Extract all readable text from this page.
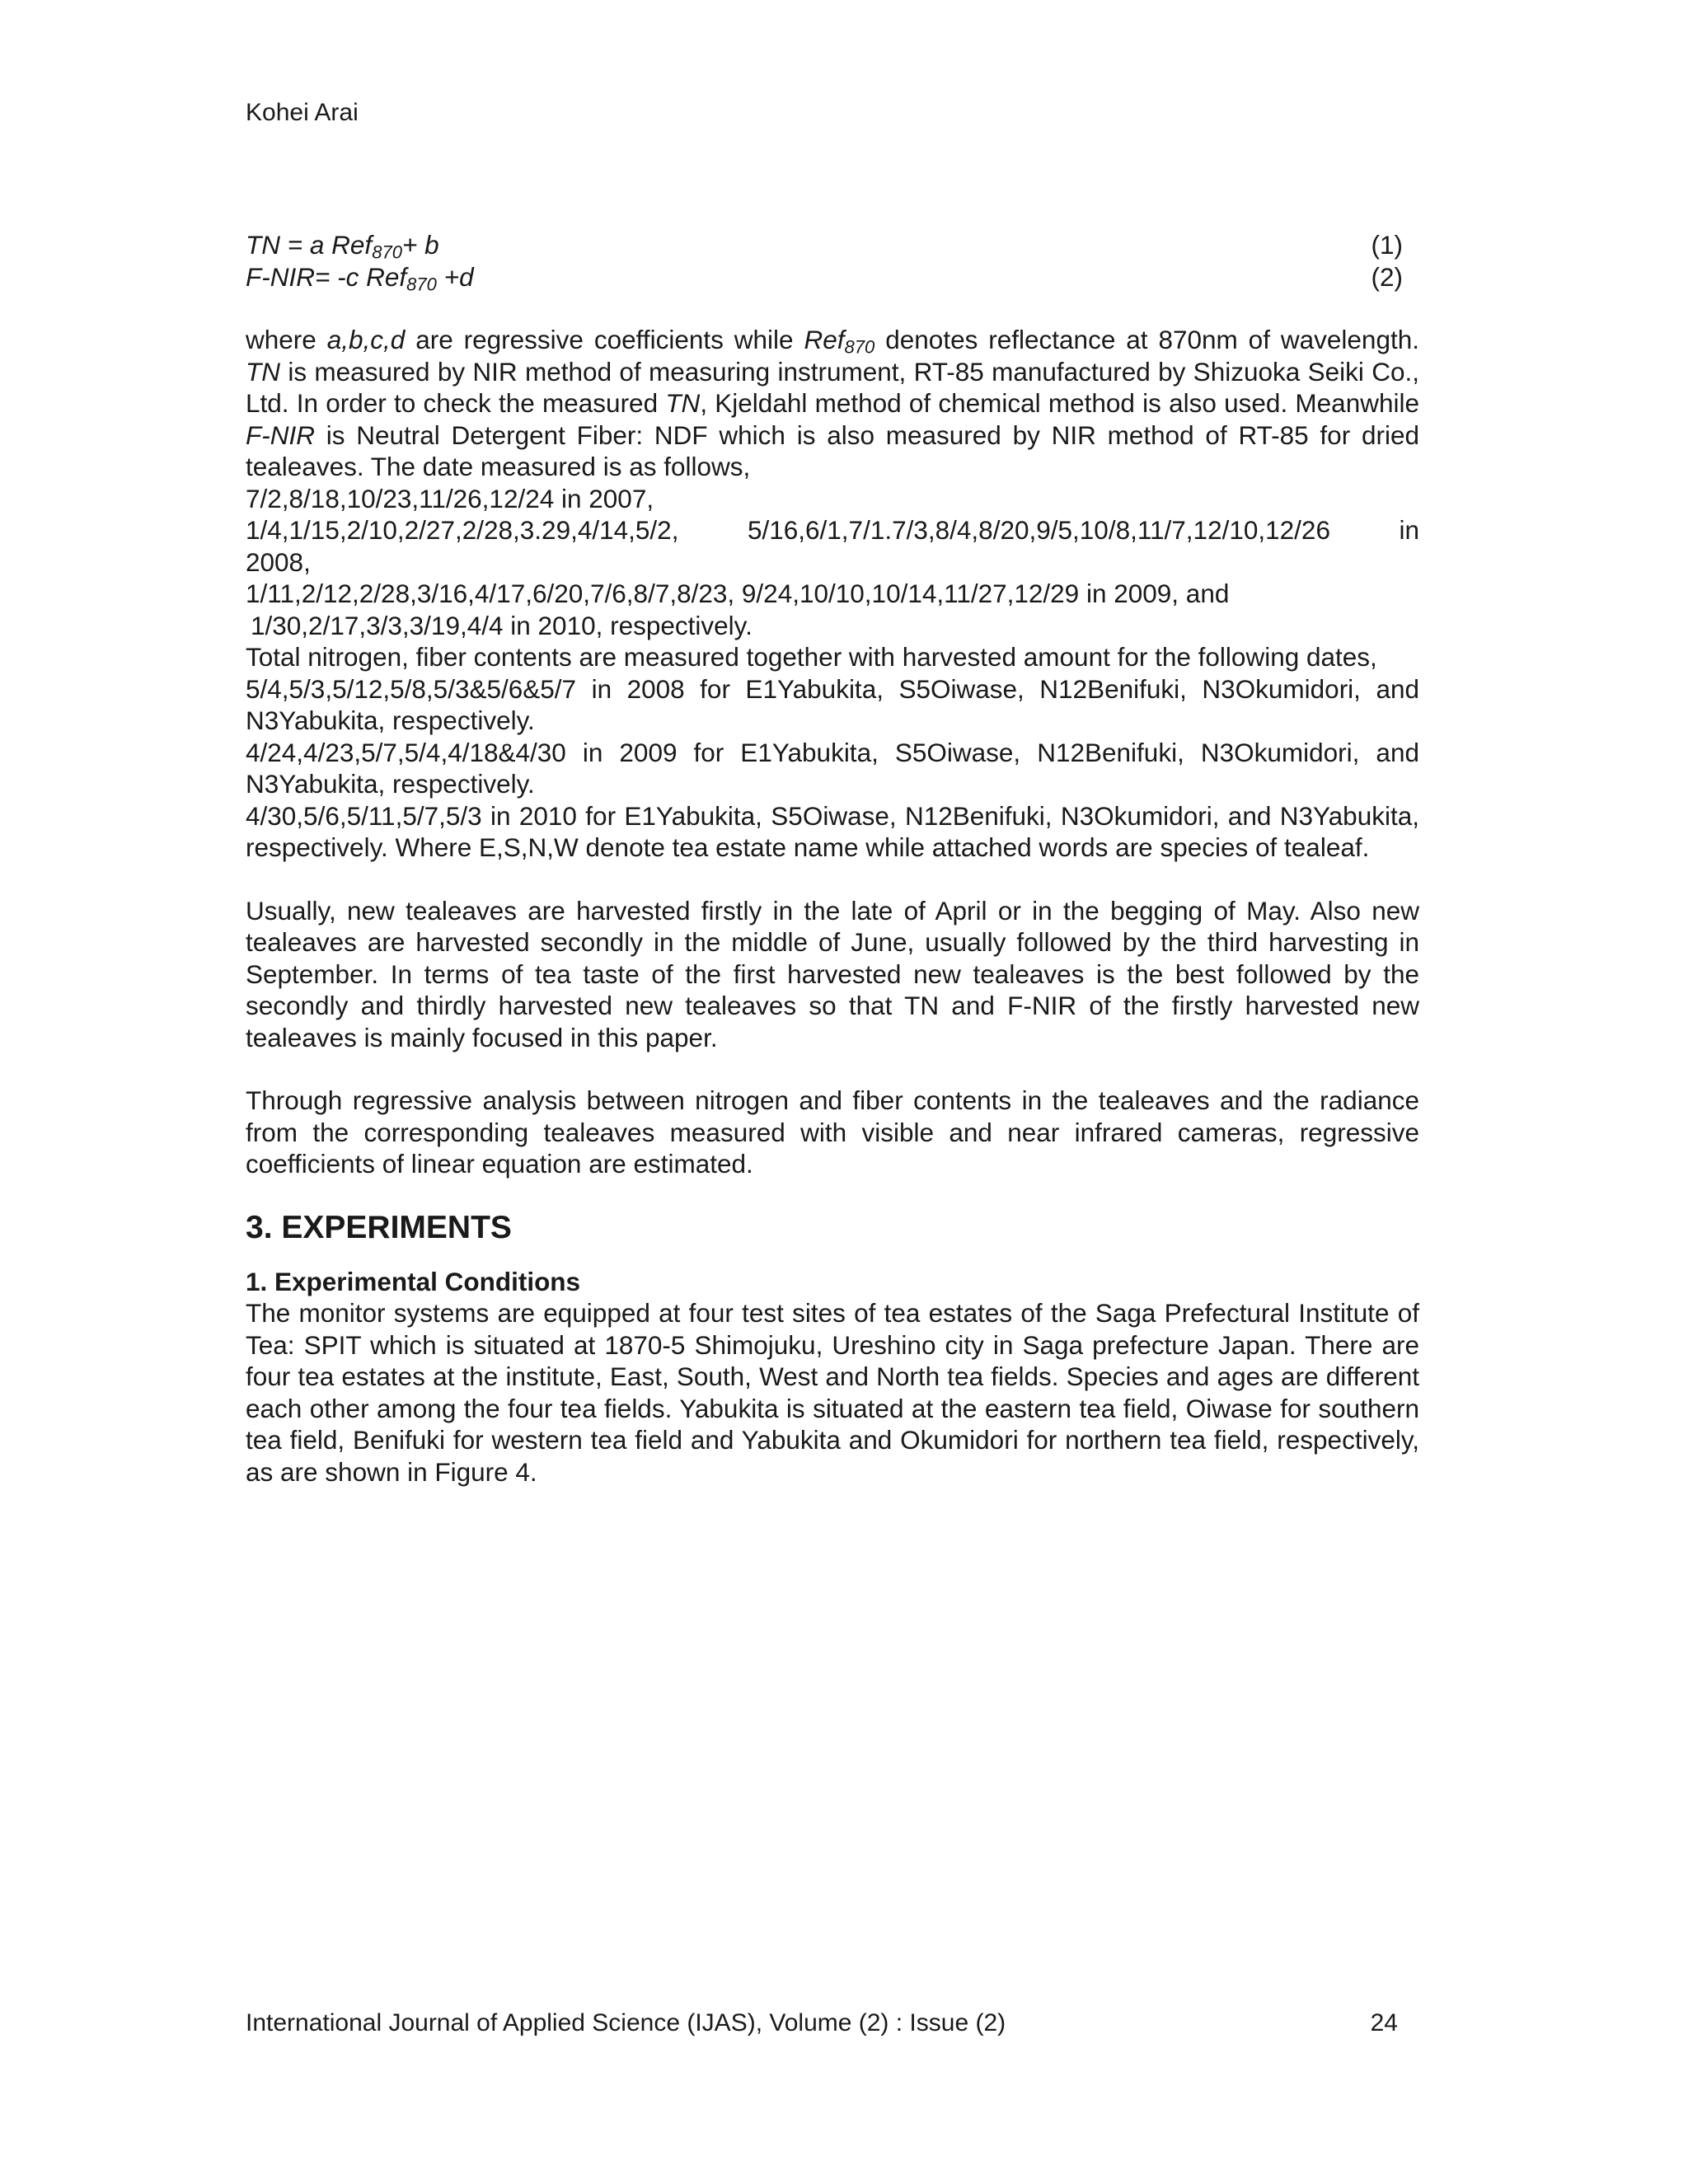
Kohei Arai
TN = a Ref$_{870}$+ b	(1)
F-NIR= -c Ref$_{870}$ +d	(2)

where a,b,c,d are regressive coefficients while Ref$_{870}$ denotes reflectance at 870nm of wavelength. TN is measured by NIR method of measuring instrument, RT-85 manufactured by Shizuoka Seiki Co., Ltd. In order to check the measured TN, Kjeldahl method of chemical method is also used. Meanwhile F-NIR is Neutral Detergent Fiber: NDF which is also measured by NIR method of RT-85 for dried tealeaves. The date measured is as follows,

7/2,8/18,10/23,11/26,12/24 in 2007,
1/4,1/15,2/10,2/27,2/28,3.29,4/14,5/2,	5/16,6/1,7/1.7/3,8/4,8/20,9/5,10/8,11/7,12/10,12/26	in
2008,
1/11,2/12,2/28,3/16,4/17,6/20,7/6,8/7,8/23, 9/24,10/10,10/14,11/27,12/29 in 2009, and
1/30,2/17,3/3,3/19,4/4 in 2010, respectively.

Total nitrogen, fiber contents are measured together with harvested amount for the following dates,

5/4,5/3,5/12,5/8,5/3&5/6&5/7 in 2008 for E1Yabukita, S5Oiwase, N12Benifuki, N3Okumidori, and N3Yabukita, respectively.

4/24,4/23,5/7,5/4,4/18&4/30 in 2009 for E1Yabukita, S5Oiwase, N12Benifuki, N3Okumidori, and N3Yabukita, respectively.

4/30,5/6,5/11,5/7,5/3 in 2010 for E1Yabukita, S5Oiwase, N12Benifuki, N3Okumidori, and N3Yabukita, respectively. Where E,S,N,W denote tea estate name while attached words are species of tealeaf.

Usually, new tealeaves are harvested firstly in the late of April or in the begging of May. Also new tealeaves are harvested secondly in the middle of June, usually followed by the third harvesting in September. In terms of tea taste of the first harvested new tealeaves is the best followed by the secondly and thirdly harvested new tealeaves so that TN and F-NIR of the firstly harvested new tealeaves is mainly focused in this paper.

Through regressive analysis between nitrogen and fiber contents in the tealeaves and the radiance from the corresponding tealeaves measured with visible and near infrared cameras, regressive coefficients of linear equation are estimated.

3. EXPERIMENTS
1. Experimental Conditions

The monitor systems are equipped at four test sites of tea estates of the Saga Prefectural Institute of Tea: SPIT which is situated at 1870-5 Shimojuku, Ureshino city in Saga prefecture Japan. There are four tea estates at the institute, East, South, West and North tea fields. Species and ages are different each other among the four tea fields. Yabukita is situated at the eastern tea field, Oiwase for southern tea field, Benifuki for western tea field and Yabukita and Okumidori for northern tea field, respectively, as are shown in Figure 4.

International Journal of Applied Science (IJAS), Volume (2) : Issue (2)	24
